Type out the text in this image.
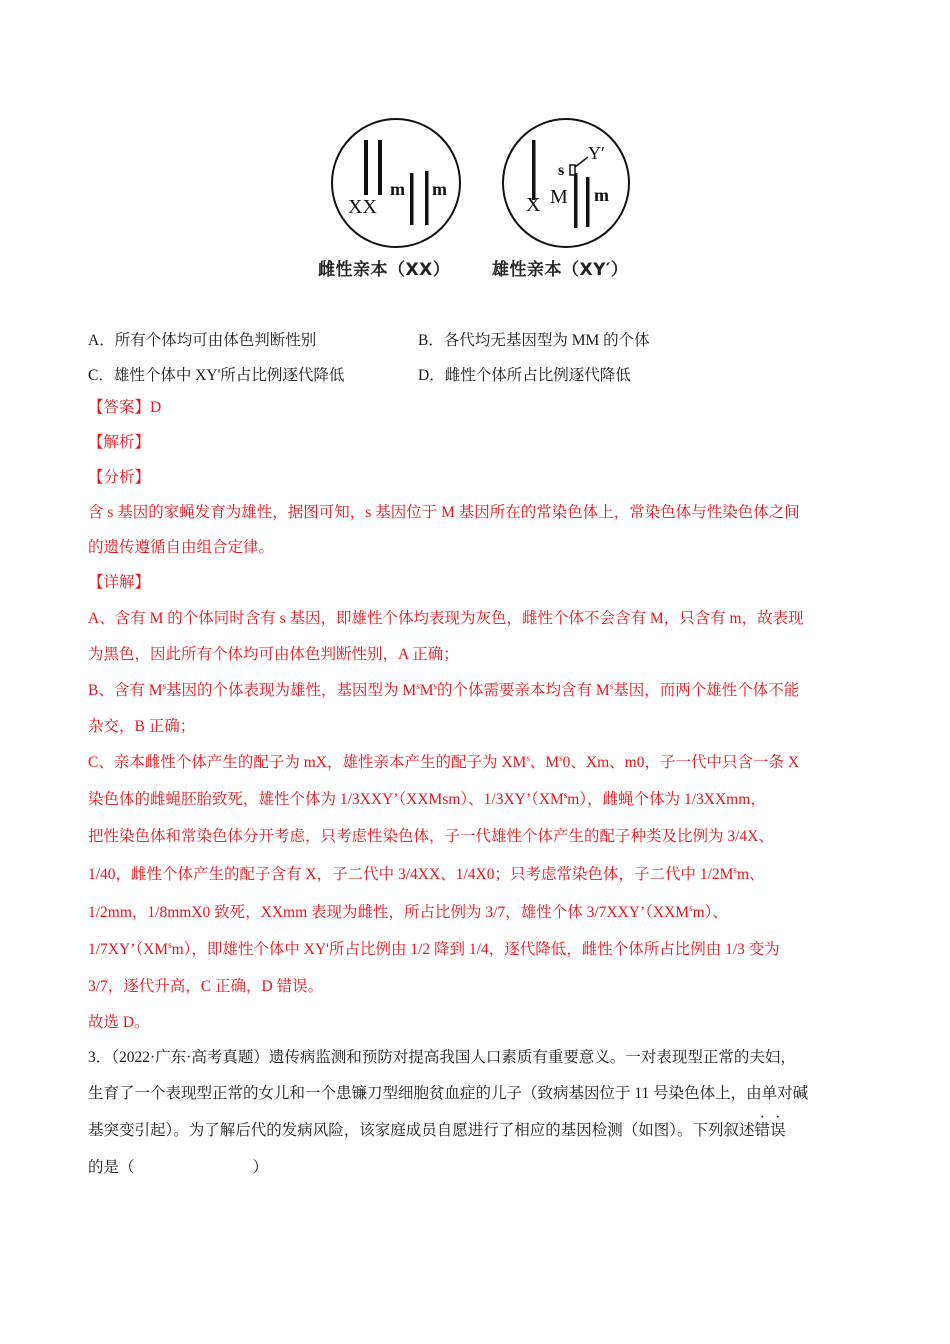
XX
m m
X
s
M
Y′
m
雌性亲本（XX） 雄性亲本（XY′）
A．所有个体均可由体色判断性别	B．各代均无基因型为 MM 的个体
C．雄性个体中 XY'所占比例逐代降低	D．雌性个体所占比例逐代降低
【答案】D
【解析】
【分析】
含 s 基因的家蝇发育为雄性，据图可知，s 基因位于 M 基因所在的常染色体上，常染色体与性染色体之间
的遗传遵循自由组合定律。
【详解】
A、含有 M 的个体同时含有 s 基因，即雄性个体均表现为灰色，雌性个体不会含有 M，只含有 m，故表现
为黑色，因此所有个体均可由体色判断性别，A 正确；
B、含有 $M^s$基因的个体表现为雄性，基因型为 $M^sM^s$的个体需要亲本均含有 $M^s$基因，而两个雄性个体不能
杂交，B 正确；
C、亲本雌性个体产生的配子为 mX，雄性亲本产生的配子为 $XM^s$、$M^s0$、Xm、m0，子一代中只含一条 X
染色体的雌蝇胚胎致死，雄性个体为 1/3XXY’（XXMsm）、$1/3XY’(XM^sm)$，雌蝇个体为 1/3XXmm，
把性染色体和常染色体分开考虑，只考虑性染色体，子一代雄性个体产生的配子种类及比例为 3/4X、
1/40，雌性个体产生的配子含有 X，子二代中 3/4XX、1/4X0；只考虑常染色体，子二代中 $1/2M^sm$、
1/2mm，1/8mmX0 致死，XXmm 表现为雌性，所占比例为 3/7，雄性个体 3/7XXY’（XXM$^s$m）、
$1/7XY’(XM^sm)$，即雄性个体中 XY'所占比例由 1/2 降到 1/4，逐代降低，雌性个体所占比例由 1/3 变为
3/7，逐代升高，C 正确，D 错误。
故选 D。
3．（2022·广东·高考真题）遗传病监测和预防对提高我国人口素质有重要意义。一对表现型正常的夫妇，
生育了一个表现型正常的女儿和一个患镰刀型细胞贫血症的儿子（致病基因位于 11 号染色体上，由单对碱
基突变引起）。为了解后代的发病风险，该家庭成员自愿进行了相应的基因检测（如图）。下列叙述错误
的是（	）
